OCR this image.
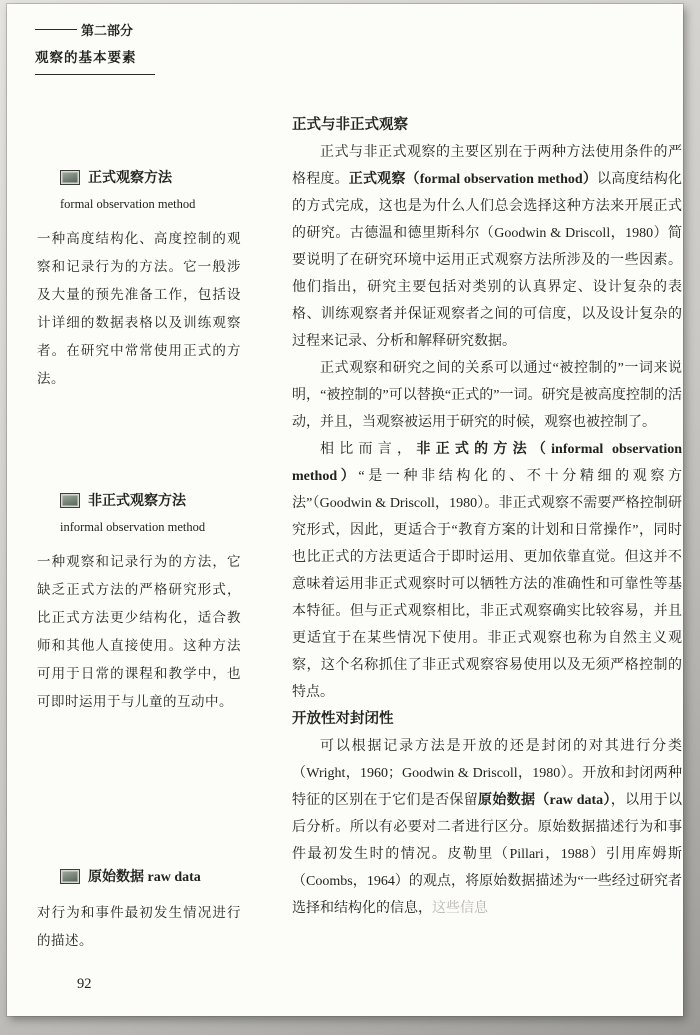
第二部分
观察的基本要素
正式观察方法
formal observation method
一种高度结构化、高度控制的观察和记录行为的方法。它一般涉及大量的预先准备工作，包括设计详细的数据表格以及训练观察者。在研究中常常使用正式的方法。
非正式观察方法
informal observation method
一种观察和记录行为的方法，它缺乏正式方法的严格研究形式，比正式方法更少结构化，适合教师和其他人直接使用。这种方法可用于日常的课程和教学中，也可即时运用于与儿童的互动中。
原始数据 raw data
对行为和事件最初发生情况进行的描述。
正式与非正式观察

正式与非正式观察的主要区别在于两种方法使用条件的严格程度。正式观察（formal observation method）以高度结构化的方式完成，这也是为什么人们总会选择这种方法来开展正式的研究。古德温和德里斯科尔（Goodwin & Driscoll，1980）简要说明了在研究环境中运用正式观察方法所涉及的一些因素。他们指出，研究主要包括对类别的认真界定、设计复杂的表格、训练观察者并保证观察者之间的可信度，以及设计复杂的过程来记录、分析和解释研究数据。

正式观察和研究之间的关系可以通过“被控制的”一词来说明，“被控制的”可以替换“正式的”一词。研究是被高度控制的活动，并且，当观察被运用于研究的时候，观察也被控制了。

相比而言，非正式的方法（informal observation method）“是一种非结构化的、不十分精细的观察方法”（Goodwin & Driscoll，1980）。非正式观察不需要严格控制研究形式，因此，更适合于“教育方案的计划和日常操作”，同时也比正式的方法更适合于即时运用、更加依靠直觉。但这并不意味着运用非正式观察时可以牺牲方法的准确性和可靠性等基本特征。但与正式观察相比，非正式观察确实比较容易，并且更适宜于在某些情况下使用。非正式观察也称为自然主义观察，这个名称抓住了非正式观察容易使用以及无须严格控制的特点。

开放性对封闭性

可以根据记录方法是开放的还是封闭的对其进行分类（Wright，1960；Goodwin & Driscoll，1980）。开放和封闭两种特征的区别在于它们是否保留原始数据（raw data），以用于以后分析。所以有必要对二者进行区分。原始数据描述行为和事件最初发生时的情况。皮勒里（Pillari，1988）引用库姆斯（Coombs，1964）的观点，将原始数据描述为“一些经过研究者选择和结构化的信息，这些信息

92
